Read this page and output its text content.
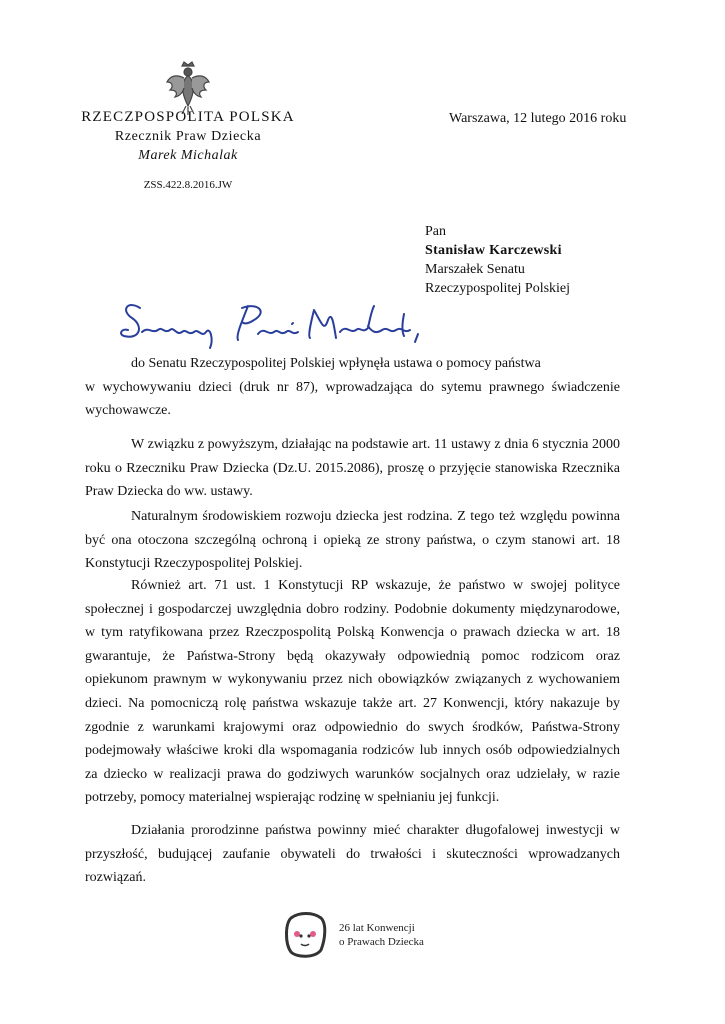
RZECZPOSPOLITA POLSKA
Rzecznik Praw Dziecka
Marek Michalak
ZSS.422.8.2016.JW
Warszawa, 12 lutego 2016 roku
Pan
Stanisław Karczewski
Marszałek Senatu
Rzeczypospolitej Polskiej

do Senatu Rzeczypospolitej Polskiej wpłynęła ustawa o pomocy państwa

w wychowywaniu dzieci (druk nr 87), wprowadzająca do sytemu prawnego świadczenie wychowawcze.

W związku z powyższym, działając na podstawie art. 11 ustawy z dnia 6 stycznia 2000 roku o Rzeczniku Praw Dziecka (Dz.U. 2015.2086), proszę o przyjęcie stanowiska Rzecznika Praw Dziecka do ww. ustawy.

Naturalnym środowiskiem rozwoju dziecka jest rodzina. Z tego też względu powinna być ona otoczona szczególną ochroną i opieką ze strony państwa, o czym stanowi art. 18 Konstytucji Rzeczypospolitej Polskiej.

Również art. 71 ust. 1 Konstytucji RP wskazuje, że państwo w swojej polityce społecznej i gospodarczej uwzględnia dobro rodziny. Podobnie dokumenty międzynarodowe, w tym ratyfikowana przez Rzeczpospolitą Polską Konwencja o prawach dziecka w art. 18 gwarantuje, że Państwa-Strony będą okazywały odpowiednią pomoc rodzicom oraz opiekunom prawnym w wykonywaniu przez nich obowiązków związanych z wychowaniem dzieci. Na pomocniczą rolę państwa wskazuje także art. 27 Konwencji, który nakazuje by zgodnie z warunkami krajowymi oraz odpowiednio do swych środków, Państwa-Strony podejmowały właściwe kroki dla wspomagania rodziców lub innych osób odpowiedzialnych za dziecko w realizacji prawa do godziwych warunków socjalnych oraz udzielały, w razie potrzeby, pomocy materialnej wspierając rodzinę w spełnianiu jej funkcji.

Działania prorodzinne państwa powinny mieć charakter długofalowej inwestycji w przyszłość, budującej zaufanie obywateli do trwałości i skuteczności wprowadzanych rozwiązań.

26 lat Konwencji
o Prawach Dziecka
